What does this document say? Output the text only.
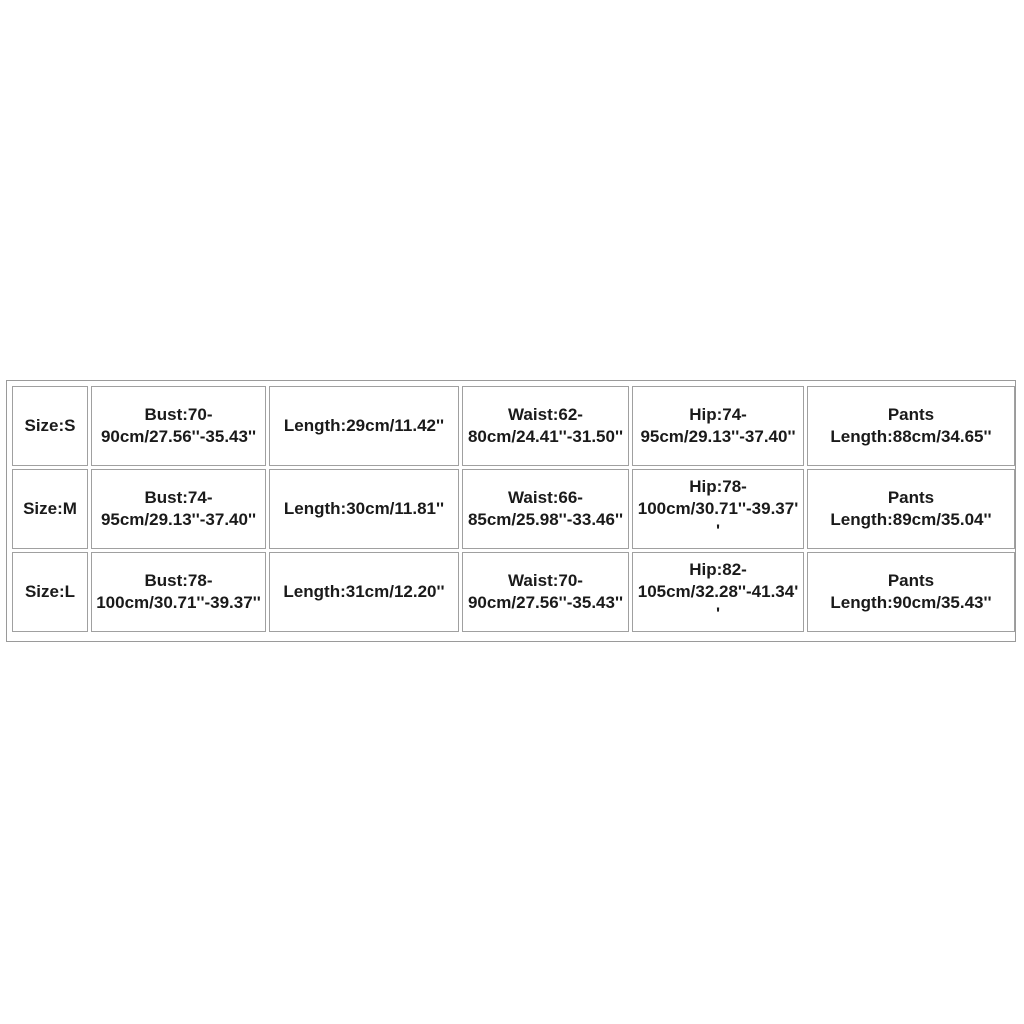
Size:S	Bust:70-90cm/27.56''-35.43''	Length:29cm/11.42''	Waist:62-80cm/24.41''-31.50''	Hip:74-95cm/29.13''-37.40''	Pants Length:88cm/34.65''
Size:M	Bust:74-95cm/29.13''-37.40''	Length:30cm/11.81''	Waist:66-85cm/25.98''-33.46''	Hip:78-100cm/30.71''-39.37''	Pants Length:89cm/35.04''
Size:L	Bust:78-100cm/30.71''-39.37''	Length:31cm/12.20''	Waist:70-90cm/27.56''-35.43''	Hip:82-105cm/32.28''-41.34''	Pants Length:90cm/35.43''
